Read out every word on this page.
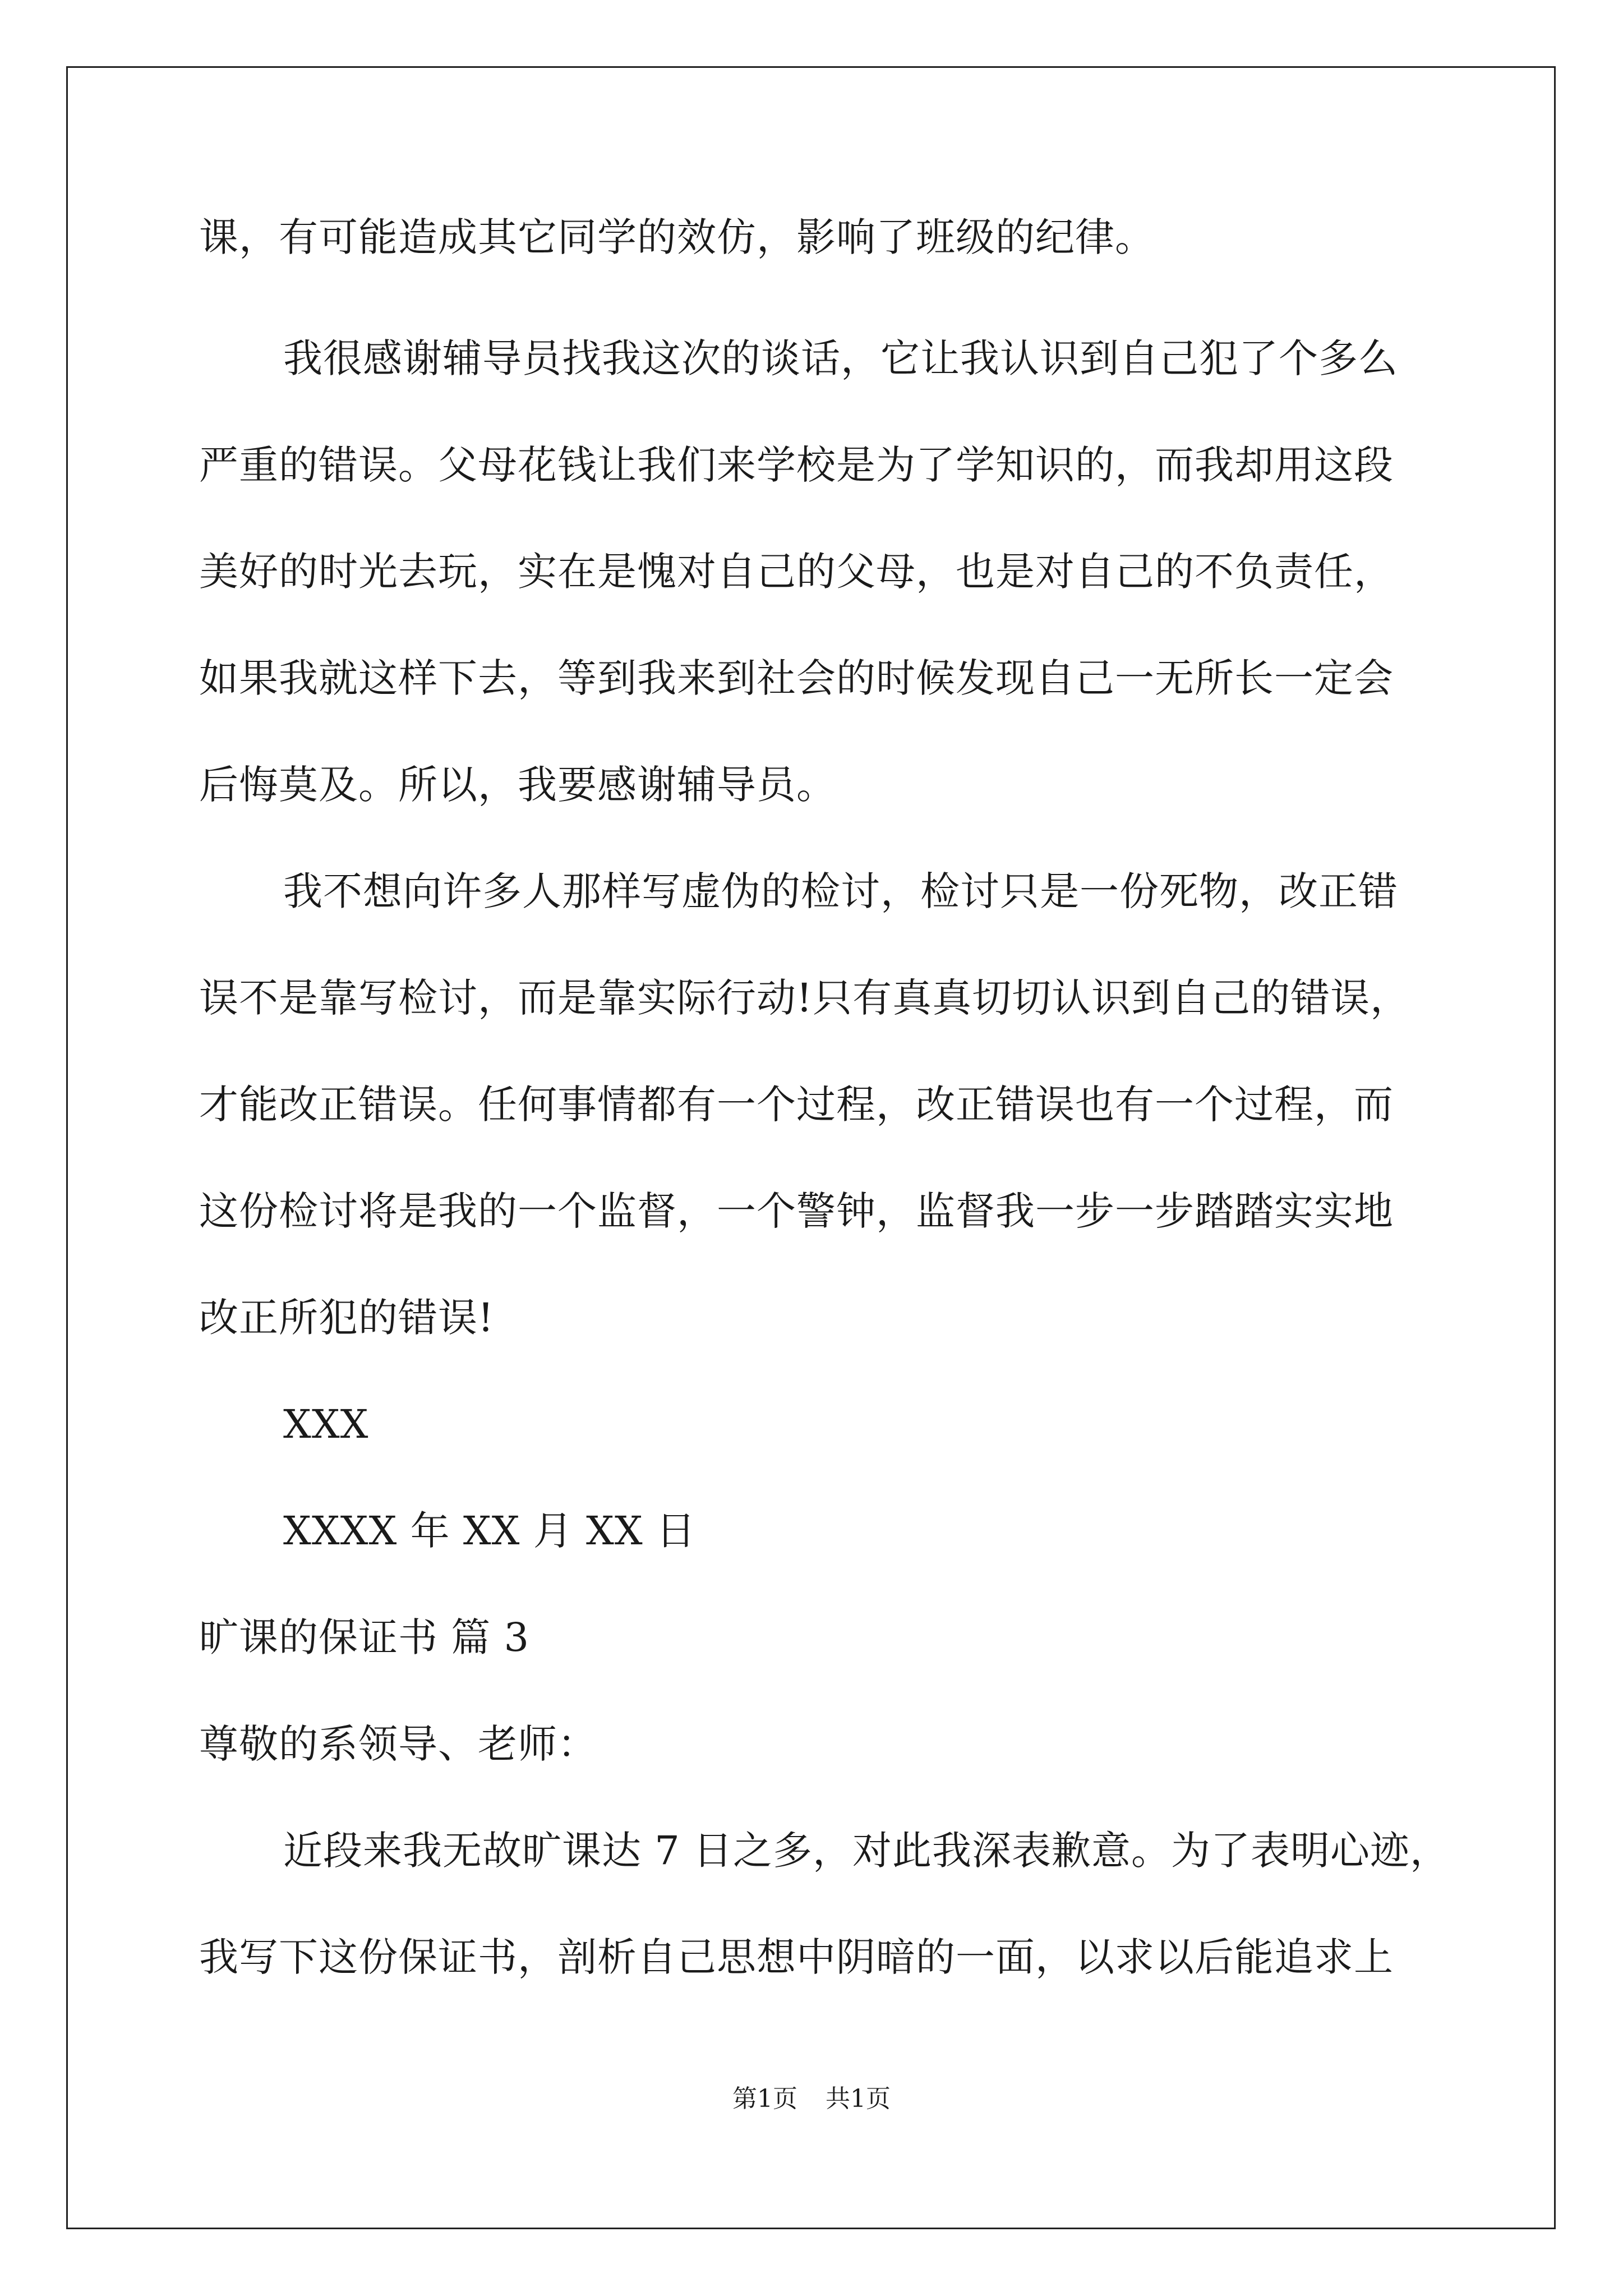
课，有可能造成其它同学的效仿，影响了班级的纪律。
我很感谢辅导员找我这次的谈话，它让我认识到自己犯了个多么
严重的错误。父母花钱让我们来学校是为了学知识的，而我却用这段
美好的时光去玩，实在是愧对自己的父母，也是对自己的不负责任，
如果我就这样下去，等到我来到社会的时候发现自己一无所长一定会
后悔莫及。所以，我要感谢辅导员。
我不想向许多人那样写虚伪的检讨，检讨只是一份死物，改正错
误不是靠写检讨，而是靠实际行动!只有真真切切认识到自己的错误，
才能改正错误。任何事情都有一个过程，改正错误也有一个过程，而
这份检讨将是我的一个监督，一个警钟，监督我一步一步踏踏实实地
改正所犯的错误!
XXX
XXXX 年 XX 月 XX 日
旷课的保证书 篇 3
尊敬的系领导、老师：
近段来我无故旷课达 7 日之多，对此我深表歉意。为了表明心迹，
我写下这份保证书，剖析自己思想中阴暗的一面，以求以后能追求上
第1页 共1页
